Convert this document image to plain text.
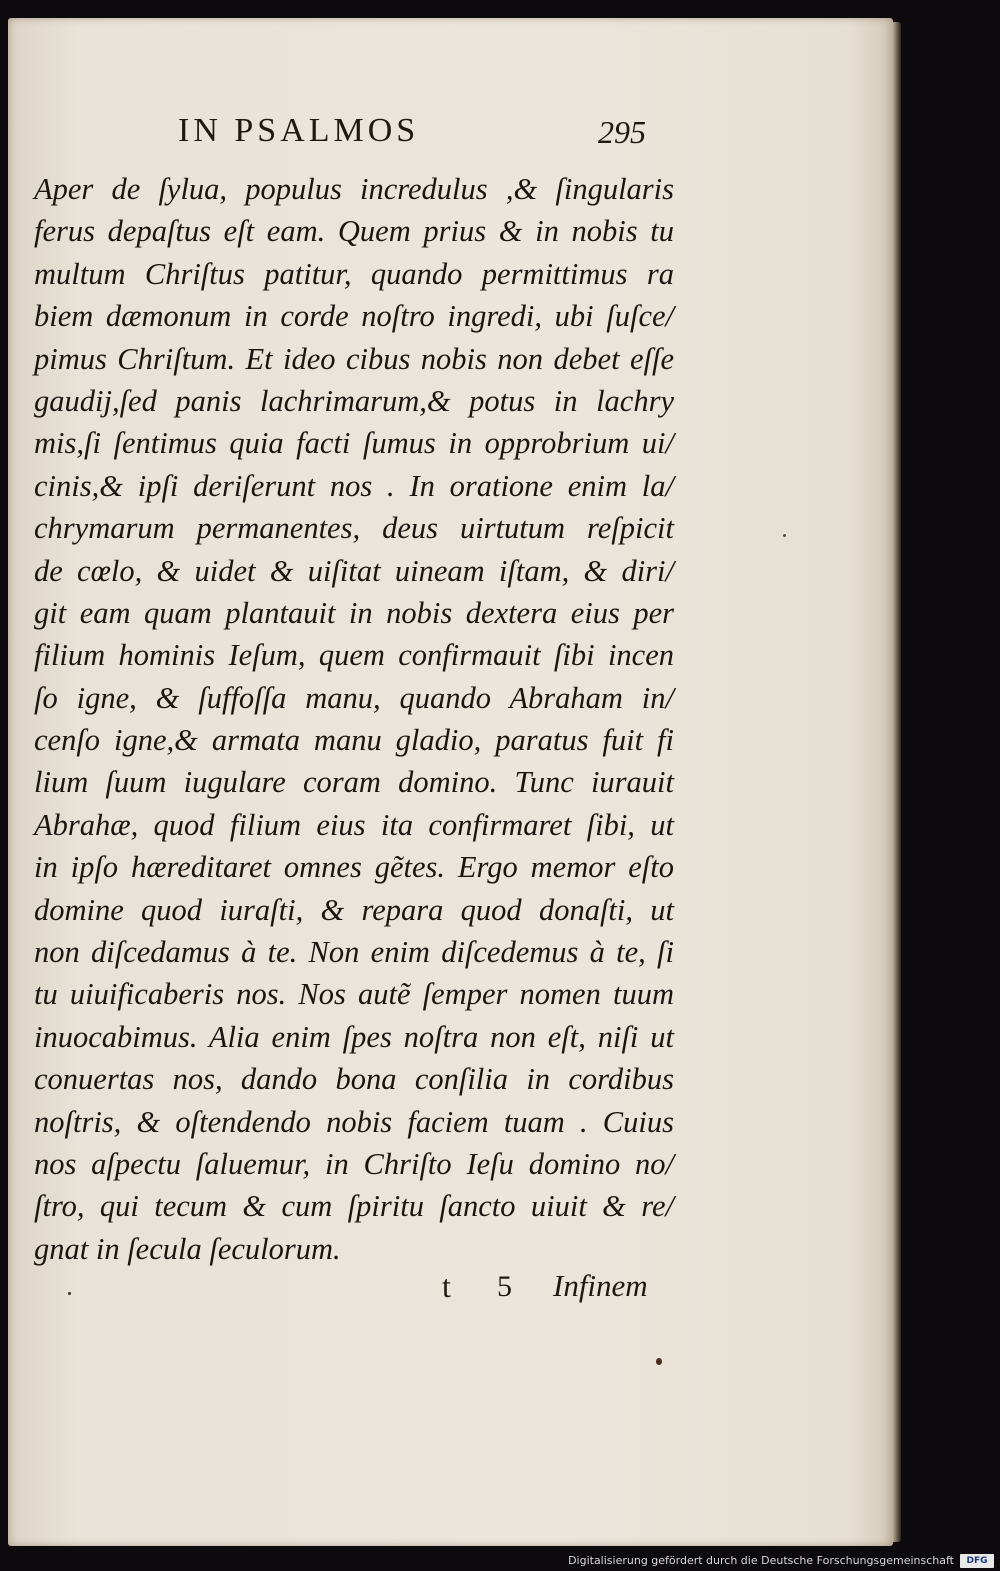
IN PSALMOS	295
Aper de ſylua, populus incredulus ,& ſingularis
ferus depaſtus eſt eam. Quem prius & in nobis tu
multum Chriſtus patitur, quando permittimus ra
biem dæmonum in corde noſtro ingredi, ubi ſuſce/
pimus Chriſtum. Et ideo cibus nobis non debet eſſe
gaudij,ſed panis lachrimarum,& potus in lachry
mis,ſi ſentimus quia facti ſumus in opprobrium ui/
cinis,& ipſi deriſerunt nos . In oratione enim la/
chrymarum permanentes, deus uirtutum reſpicit
de cœlo, & uidet & uiſitat uineam iſtam, & diri/
git eam quam plantauit in nobis dextera eius per
filium hominis Ieſum, quem confirmauit ſibi incen
ſo igne, & ſuffoſſa manu, quando Abraham in/
cenſo igne,& armata manu gladio, paratus fuit fi
lium ſuum iugulare coram domino. Tunc iurauit
Abrahæ, quod filium eius ita confirmaret ſibi, ut
in ipſo hæreditaret omnes gẽtes. Ergo memor eſto
domine quod iuraſti, & repara quod donaſti, ut
non diſcedamus à te. Non enim diſcedemus à te, ſi
tu uiuificaberis nos. Nos autẽ ſemper nomen tuum
inuocabimus. Alia enim ſpes noſtra non eſt, niſi ut
conuertas nos, dando bona conſilia in cordibus
noſtris, & oſtendendo nobis faciem tuam . Cuius
nos aſpectu ſaluemur, in Chriſto Ieſu domino no/
ſtro, qui tecum & cum ſpiritu ſancto uiuit & re/
gnat in ſecula ſeculorum.
t 5 Infinem
Digitalisierung gefördert durch die Deutsche Forschungsgemeinschaft	DFG
